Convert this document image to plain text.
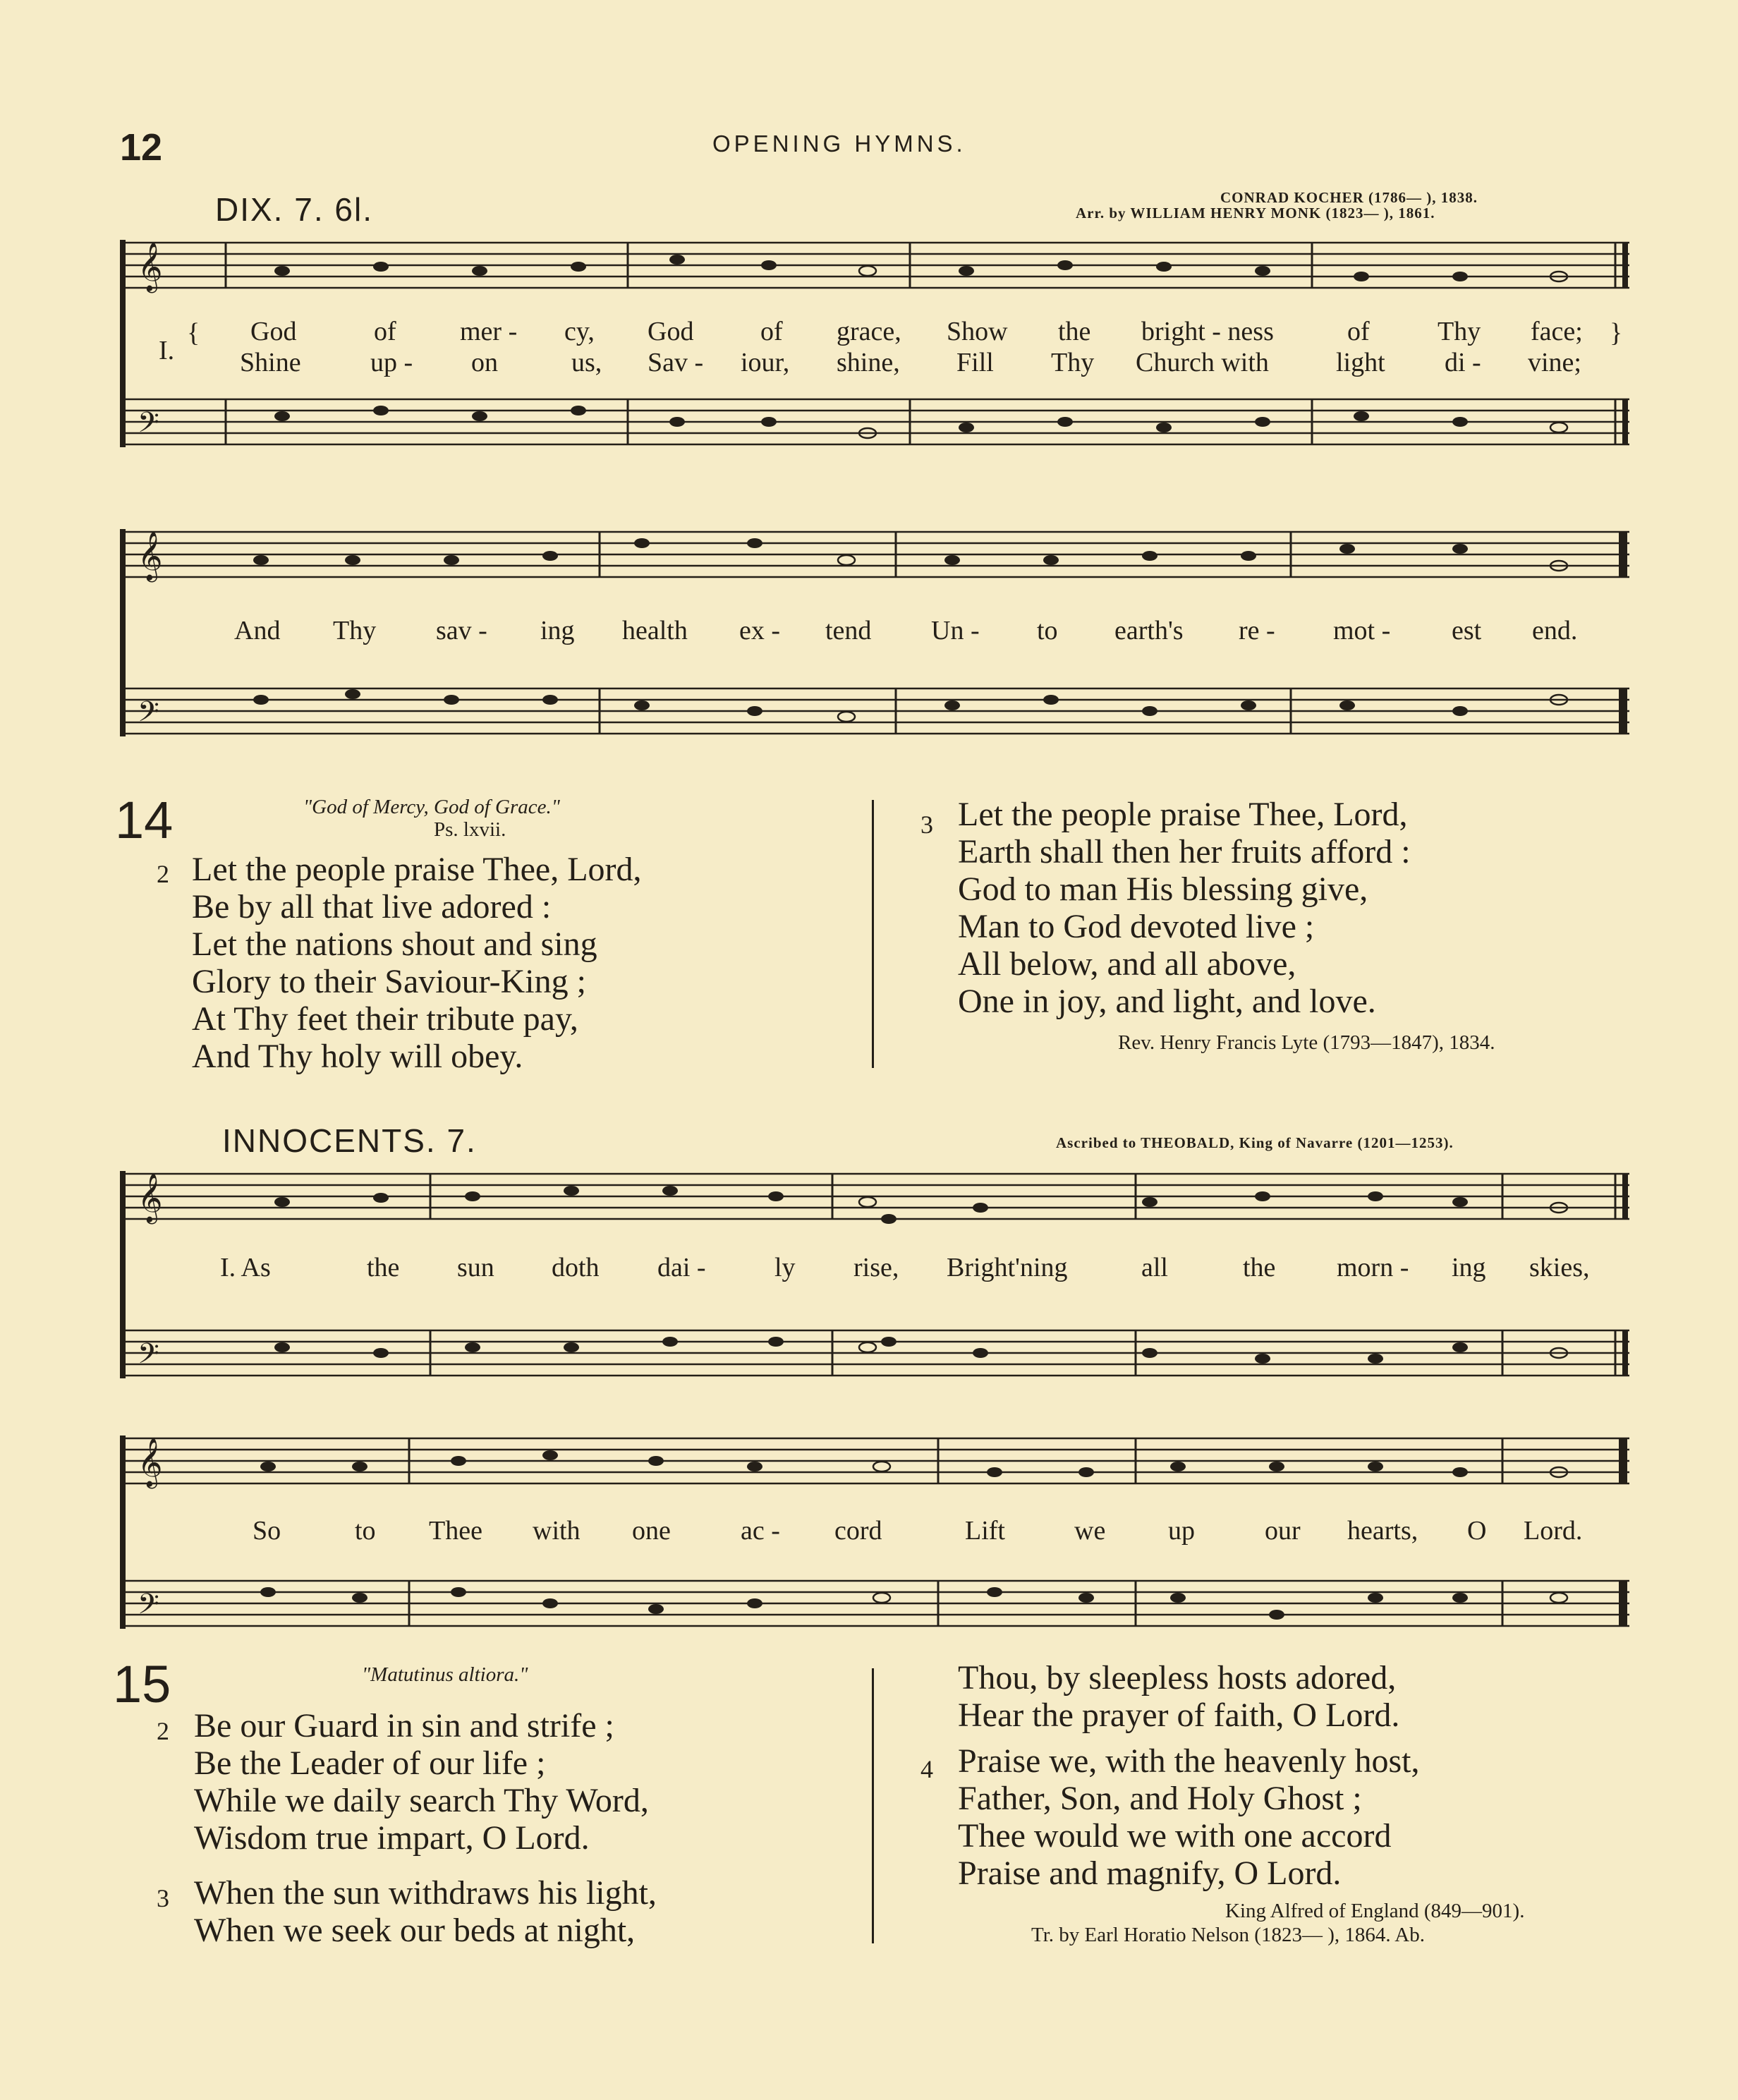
12	OPENING HYMNS.
DIX. 7. 6l.	CONRAD KOCHER (1786— ), 1838.
Arr. by WILLIAM HENRY MONK (1823— ), 1861.
𝄞
𝄢
{	}
I.
God	of mer - cy, God of grace, Show the bright - ness	of	Thy face;
Shine	up - on	us, Sav - iour, shine, Fill Thy Church with	light di - vine;
𝄞
𝄢
And Thy sav - ing health ex - tend Un - to earth's re - mot - est end.
14	"God of Mercy, God of Grace."
Ps. lxvii.
2 Let the people praise Thee, Lord,
Be by all that live adored :
Let the nations shout and sing
Glory to their Saviour-King ;
At Thy feet their tribute pay,
And Thy holy will obey.
3 Let the people praise Thee, Lord,
Earth shall then her fruits afford :
God to man His blessing give,
Man to God devoted live ;
All below, and all above,
One in joy, and light, and love.
Rev. Henry Francis Lyte (1793—1847), 1834.
INNOCENTS. 7.	Ascribed to THEOBALD, King of Navarre (1201—1253).
𝄞
𝄢
I. As	the sun doth dai -	ly rise, Bright'ning	all	the morn - ing skies,
𝄞
𝄢
So	to Thee with one	ac - cord	Lift	we up	our hearts, O Lord.
15	"Matutinus altiora."
2 Be our Guard in sin and strife ;
Be the Leader of our life ;
While we daily search Thy Word,
Wisdom true impart, O Lord.
3 When the sun withdraws his light,
When we seek our beds at night,
Thou, by sleepless hosts adored,
Hear the prayer of faith, O Lord.
4 Praise we, with the heavenly host,
Father, Son, and Holy Ghost ;
Thee would we with one accord
Praise and magnify, O Lord.
King Alfred of England (849—901).
Tr. by Earl Horatio Nelson (1823— ), 1864. Ab.
